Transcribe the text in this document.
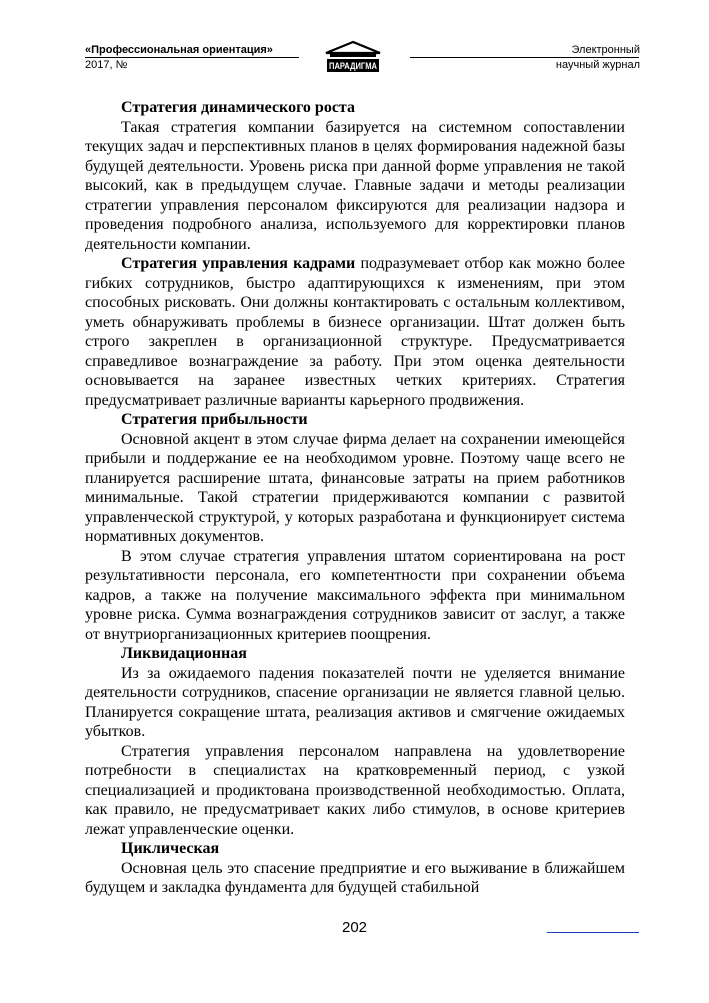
«Профессиональная ориентация»
2017, №	ПАРАДИГМА
Электронный
научный журнал
Стратегия динамического роста

Такая стратегия компании базируется на системном сопоставлении текущих задач и перспективных планов в целях формирования надежной базы будущей деятельности. Уровень риска при данной форме управления не такой высокий, как в предыдущем случае. Главные задачи и методы реализации стратегии управления персоналом фиксируются для реализации надзора и проведения подробного анализа, используемого для корректировки планов деятельности компании.

Стратегия управления кадрами подразумевает отбор как можно более гибких сотрудников, быстро адаптирующихся к изменениям, при этом способных рисковать. Они должны контактировать с остальным коллективом, уметь обнаруживать проблемы в бизнесе организации. Штат должен быть строго закреплен в организационной структуре. Предусматривается справедливое вознаграждение за работу. При этом оценка деятельности основывается на заранее известных четких критериях. Стратегия предусматривает различные варианты карьерного продвижения.

Стратегия прибыльности

Основной акцент в этом случае фирма делает на сохранении имеющейся прибыли и поддержание ее на необходимом уровне. Поэтому чаще всего не планируется расширение штата, финансовые затраты на прием работников минимальные. Такой стратегии придерживаются компании с развитой управленческой структурой, у которых разработана и функционирует система нормативных документов.

В этом случае стратегия управления штатом сориентирована на рост результативности персонала, его компетентности при сохранении объема кадров, а также на получение максимального эффекта при минимальном уровне риска. Сумма вознаграждения сотрудников зависит от заслуг, а также от внутриорганизационных критериев поощрения.

Ликвидационная

Из за ожидаемого падения показателей почти не уделяется внимание деятельности сотрудников, спасение организации не является главной целью. Планируется сокращение штата, реализация активов и смягчение ожидаемых убытков.

Стратегия управления персоналом направлена на удовлетворение потребности в специалистах на кратковременный период, с узкой специализацией и продиктована производственной необходимостью. Оплата, как правило, не предусматривает каких либо стимулов, в основе критериев лежат управленческие оценки.

Циклическая

Основная цель это спасение предприятие и его выживание в ближайшем будущем и закладка фундамента для будущей стабильной

202
